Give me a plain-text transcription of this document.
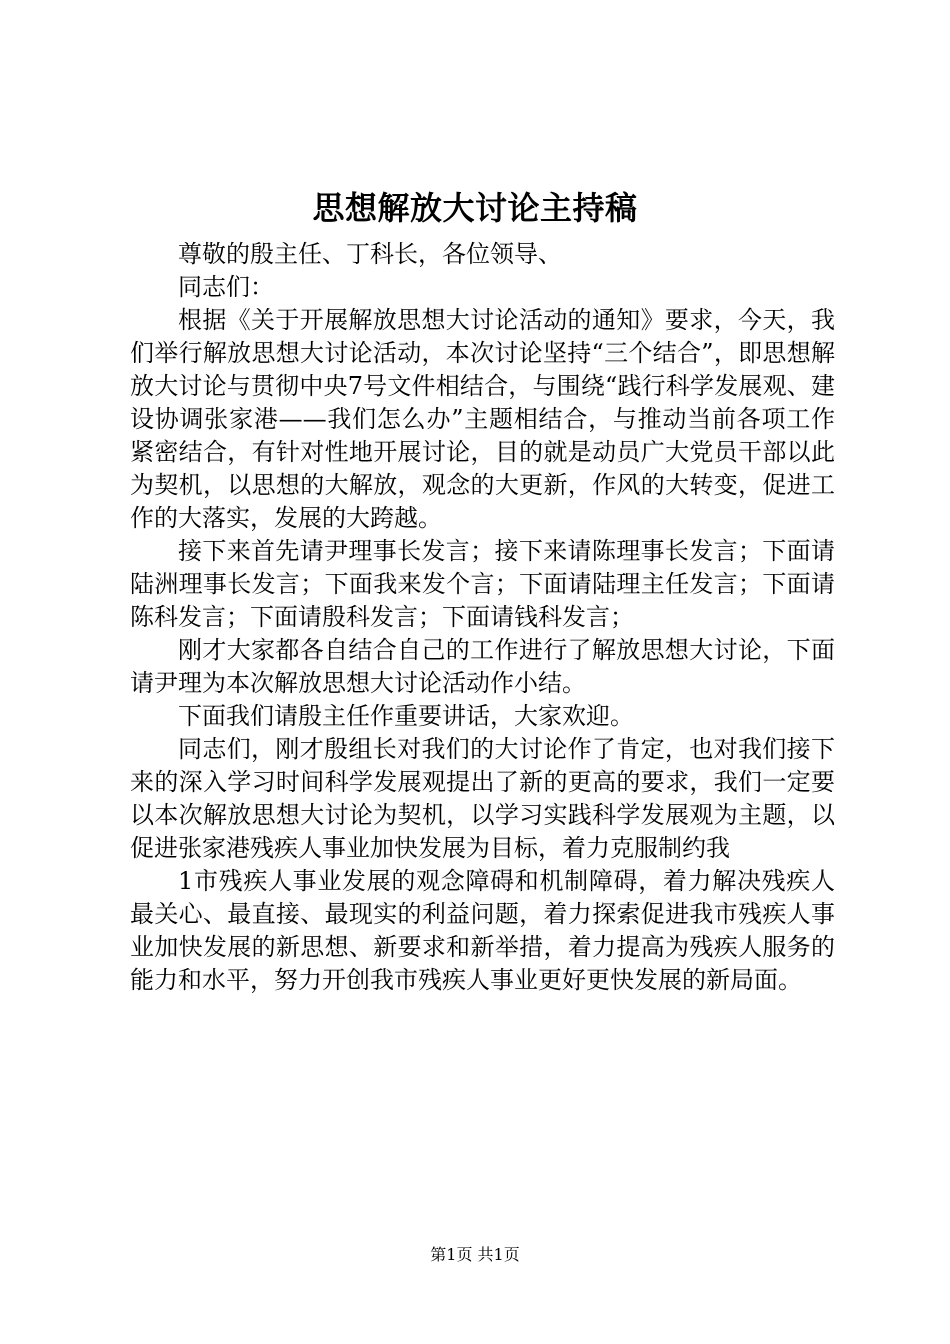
思想解放大讨论主持稿

尊敬的殷主任、丁科长，各位领导、

同志们：

根据《关于开展解放思想大讨论活动的通知》要求，今天，我们举行解放思想大讨论活动，本次讨论坚持“三个结合”，即思想解放大讨论与贯彻中央7号文件相结合，与围绕“践行科学发展观、建设协调张家港——我们怎么办”主题相结合，与推动当前各项工作紧密结合，有针对性地开展讨论，目的就是动员广大党员干部以此为契机，以思想的大解放，观念的大更新，作风的大转变，促进工作的大落实，发展的大跨越。

接下来首先请尹理事长发言；接下来请陈理事长发言；下面请陆洲理事长发言；下面我来发个言；下面请陆理主任发言；下面请陈科发言；下面请殷科发言；下面请钱科发言；

刚才大家都各自结合自己的工作进行了解放思想大讨论，下面请尹理为本次解放思想大讨论活动作小结。

下面我们请殷主任作重要讲话，大家欢迎。

同志们，刚才殷组长对我们的大讨论作了肯定，也对我们接下来的深入学习时间科学发展观提出了新的更高的要求，我们一定要以本次解放思想大讨论为契机，以学习实践科学发展观为主题，以促进张家港残疾人事业加快发展为目标，着力克服制约我

1市残疾人事业发展的观念障碍和机制障碍，着力解决残疾人最关心、最直接、最现实的利益问题，着力探索促进我市残疾人事业加快发展的新思想、新要求和新举措，着力提高为残疾人服务的能力和水平，努力开创我市残疾人事业更好更快发展的新局面。

第1页 共1页
